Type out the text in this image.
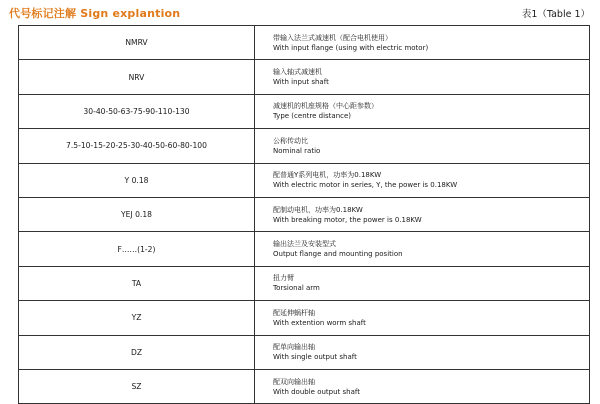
代号标记注解 Sign explantion	表1（Table 1）
NMRV	带输入法兰式减速机（配合电机使用）
With input flange (using with electric motor)

NRV	输入轴式减速机
With input shaft

30-40-50-63-75-90-110-130	减速机的机座规格（中心距参数）
Type (centre distance)

7.5-10-15-20-25-30-40-50-60-80-100	公称传动比
Nominal ratio

Y 0.18	配普通Y系列电机，功率为0.18KW
With electric motor in series, Y, the power is 0.18KW

YEJ 0.18	配制动电机，功率为0.18KW
With breaking motor, the power is 0.18KW

F……(1-2)	输出法兰及安装型式
Output flange and mounting position

TA	扭力臂
Torsional arm

YZ	配延伸蜗杆轴
With extention worm shaft

DZ	配单向输出轴
With single output shaft

SZ	配双向输出轴
With double output shaft
